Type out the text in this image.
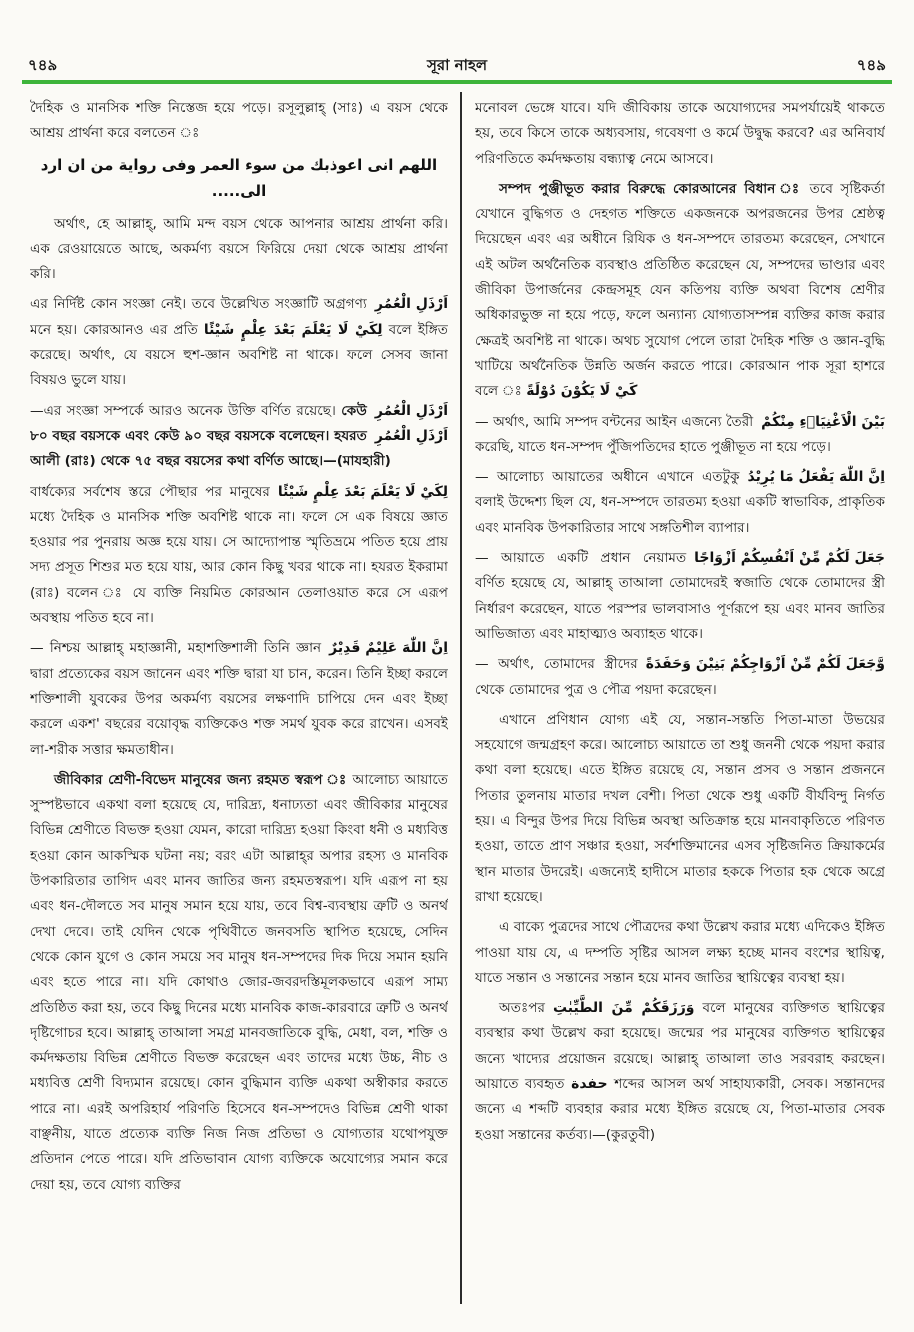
৭৪৯	সূরা নাহল	৭৪৯

দৈহিক ও মানসিক শক্তি নিস্তেজ হয়ে পড়ে। রসূলুল্লাহ্‌ (সাঃ) এ বয়স থেকে আশ্রয় প্রার্থনা করে বলতেন ঃ

اللهم انى اعوذبك من سوء العمر وفى رواية من ان ارد الى.....

অর্থাৎ, হে আল্লাহ্‌, আমি মন্দ বয়স থেকে আপনার আশ্রয় প্রার্থনা করি। এক রেওয়ায়েতে আছে, অকর্মণ্য বয়সে ফিরিয়ে দেয়া থেকে আশ্রয় প্রার্থনা করি।

اَرْذَلِ الْعُمُرِ
এর নির্দিষ্ট কোন সংজ্ঞা নেই। তবে উল্লেখিত সংজ্ঞাটি অগ্রগণ্য মনে হয়। কোরআনও এর প্রতি لِكَيْ لَا يَعْلَمَ بَعْدَ عِلْمٍ شَيْئًا বলে ইঙ্গিত করেছে। অর্থাৎ, যে বয়সে হুশ-জ্ঞান অবশিষ্ট না থাকে। ফলে সেসব জানা বিষয়ও ভুলে যায়।

اَرْذَلِ الْعُمُرِ
—এর সংজ্ঞা সম্পর্কে আরও অনেক উক্তি বর্ণিত রয়েছে।
اَرْذَلِ الْعُمُرِ
কেউ ৮০ বছর বয়সকে এবং কেউ ৯০ বছর বয়সকে বলেছেন। হযরত আলী (রাঃ) থেকে ৭৫ বছর বয়সের কথা বর্ণিত আছে।—(মাযহারী)

لِكَيْ لَا يَعْلَمَ بَعْدَ عِلْمٍ شَيْئًا
বার্ধক্যের সর্বশেষ স্তরে পৌছার পর মানুষের মধ্যে দৈহিক ও মানসিক শক্তি অবশিষ্ট থাকে না। ফলে সে এক বিষয়ে জ্ঞাত হওয়ার পর পুনরায় অজ্ঞ হয়ে যায়। সে আদ্যোপান্ত স্মৃতিভ্রমে পতিত হয়ে প্রায় সদ্য প্রসূত শিশুর মত হয়ে যায়, আর কোন কিছু খবর থাকে না। হযরত ইকরামা (রাঃ) বলেন ঃ যে ব্যক্তি নিয়মিত কোরআন তেলাওয়াত করে সে এরূপ অবস্থায় পতিত হবে না।

اِنَّ اللّٰهَ عَلِيْمٌ قَدِيْرٌ
— নিশ্চয় আল্লাহ্‌ মহাজ্ঞানী, মহাশক্তিশালী তিনি জ্ঞান দ্বারা প্রত্যেকের বয়স জানেন এবং শক্তি দ্বারা যা চান, করেন। তিনি ইচ্ছা করলে শক্তিশালী যুবকের উপর অকর্মণ্য বয়সের লক্ষণাদি চাপিয়ে দেন এবং ইচ্ছা করলে একশ' বছরের বয়োবৃদ্ধ ব্যক্তিকেও শক্ত সমর্থ যুবক করে রাখেন। এসবই লা-শরীক সত্তার ক্ষমতাধীন।

জীবিকার শ্রেণী-বিভেদ মানুষের জন্য রহমত স্বরূপ ঃ আলোচ্য আয়াতে সুস্পষ্টভাবে একথা বলা হয়েছে যে, দারিদ্র্য, ধনাঢ্যতা এবং জীবিকার মানুষের বিভিন্ন শ্রেণীতে বিভক্ত হওয়া যেমন, কারো দারিদ্র্য হওয়া কিংবা ধনী ও মধ্যবিত্ত হওয়া কোন আকস্মিক ঘটনা নয়; বরং এটা আল্লাহ্‌র অপার রহস্য ও মানবিক উপকারিতার তাগিদ এবং মানব জাতির জন্য রহমতস্বরূপ। যদি এরূপ না হয় এবং ধন-দৌলতে সব মানুষ সমান হয়ে যায়, তবে বিশ্ব-ব্যবস্থায় ত্রুটি ও অনর্থ দেখা দেবে। তাই যেদিন থেকে পৃথিবীতে জনবসতি স্থাপিত হয়েছে, সেদিন থেকে কোন যুগে ও কোন সময়ে সব মানুষ ধন-সম্পদের দিক দিয়ে সমান হয়নি এবং হতে পারে না। যদি কোথাও জোর-জবরদস্তিমূলকভাবে এরূপ সাম্য প্রতিষ্ঠিত করা হয়, তবে কিছু দিনের মধ্যে মানবিক কাজ-কারবারে ত্রুটি ও অনর্থ দৃষ্টিগোচর হবে। আল্লাহ্‌ তাআলা সমগ্র মানবজাতিকে বুদ্ধি, মেধা, বল, শক্তি ও কর্মদক্ষতায় বিভিন্ন শ্রেণীতে বিভক্ত করেছেন এবং তাদের মধ্যে উচ্চ, নীচ ও মধ্যবিত্ত শ্রেণী বিদ্যমান রয়েছে। কোন বুদ্ধিমান ব্যক্তি একথা অস্বীকার করতে পারে না। এরই অপরিহার্য পরিণতি হিসেবে ধন-সম্পদেও বিভিন্ন শ্রেণী থাকা বাঞ্ছনীয়, যাতে প্রত্যেক ব্যক্তি নিজ নিজ প্রতিভা ও যোগ্যতার যথোপযুক্ত প্রতিদান পেতে পারে। যদি প্রতিভাবান যোগ্য ব্যক্তিকে অযোগ্যের সমান করে দেয়া হয়, তবে যোগ্য ব্যক্তির

মনোবল ভেঙ্গে যাবে। যদি জীবিকায় তাকে অযোগ্যদের সমপর্যায়েই থাকতে হয়, তবে কিসে তাকে অধ্যবসায়, গবেষণা ও কর্মে উদ্বুদ্ধ করবে? এর অনিবার্য পরিণতিতে কর্মদক্ষতায় বন্ধ্যাত্ব নেমে আসবে।

সম্পদ পুঞ্জীভূত করার বিরুদ্ধে কোরআনের বিধান ঃ তবে সৃষ্টিকর্তা যেখানে বুদ্ধিগত ও দেহগত শক্তিতে একজনকে অপরজনের উপর শ্রেষ্ঠত্ব দিয়েছেন এবং এর অধীনে রিযিক ও ধন-সম্পদে তারতম্য করেছেন, সেখানে এই অটল অর্থনৈতিক ব্যবস্থাও প্রতিষ্ঠিত করেছেন যে, সম্পদের ভাণ্ডার এবং জীবিকা উপার্জনের কেন্দ্রসমূহ যেন কতিপয় ব্যক্তি অথবা বিশেষ শ্রেণীর অধিকারভুক্ত না হয়ে পড়ে, ফলে অন্যান্য যোগ্যতাসম্পন্ন ব্যক্তির কাজ করার ক্ষেত্রই অবশিষ্ট না থাকে। অথচ সুযোগ পেলে তারা দৈহিক শক্তি ও জ্ঞান-বুদ্ধি খাটিয়ে অর্থনৈতিক উন্নতি অর্জন করতে পারে। কোরআন পাক সূরা হাশরে বলে ঃ كَيْ لَا يَكُوْنَ دُوْلَةً

بَيْنَ الْاَغْنِيَاۤءِ مِنْكُمْ
— অর্থাৎ, আমি সম্পদ বন্টনের আইন এজন্যে তৈরী করেছি, যাতে ধন-সম্পদ পুঁজিপতিদের হাতে পুঞ্জীভূত না হয়ে পড়ে।

اِنَّ اللّٰهَ يَفْعَلُ مَا يُرِيْدُ
— আলোচ্য আয়াতের অধীনে এখানে এতটুকু বলাই উদ্দেশ্য ছিল যে, ধন-সম্পদে তারতম্য হওয়া একটি স্বাভাবিক, প্রাকৃতিক এবং মানবিক উপকারিতার সাথে সঙ্গতিশীল ব্যাপার।

جَعَلَ لَكُمْ مِّنْ اَنْفُسِكُمْ اَزْوَاجًا
— আয়াতে একটি প্রধান নেয়ামত বর্ণিত হয়েছে যে, আল্লাহ্‌ তাআলা তোমাদেরই স্বজাতি থেকে তোমাদের স্ত্রী নির্ধারণ করেছেন, যাতে পরস্পর ভালবাসাও পূর্ণরূপে হয় এবং মানব জাতির আভিজাত্য এবং মাহাত্ম্যও অব্যাহত থাকে।

وَّجَعَلَ لَكُمْ مِّنْ اَزْوَاجِكُمْ بَنِيْنَ وَحَفَدَةً
— অর্থাৎ, তোমাদের স্ত্রীদের থেকে তোমাদের পুত্র ও পৌত্র পয়দা করেছেন।

এখানে প্রণিধান যোগ্য এই যে, সন্তান-সন্ততি পিতা-মাতা উভয়ের সহযোগে জন্মগ্রহণ করে। আলোচ্য আয়াতে তা শুধু জননী থেকে পয়দা করার কথা বলা হয়েছে। এতে ইঙ্গিত রয়েছে যে, সন্তান প্রসব ও সন্তান প্রজননে পিতার তুলনায় মাতার দখল বেশী। পিতা থেকে শুধু একটি বীর্যবিন্দু নির্গত হয়। এ বিন্দুর উপর দিয়ে বিভিন্ন অবস্থা অতিক্রান্ত হয়ে মানবাকৃতিতে পরিণত হওয়া, তাতে প্রাণ সঞ্চার হওয়া, সর্বশক্তিমানের এসব সৃষ্টিজনিত ক্রিয়াকর্মের স্থান মাতার উদরেই। এজন্যেই হাদীসে মাতার হককে পিতার হক থেকে অগ্রে রাখা হয়েছে।

এ বাক্যে পুত্রদের সাথে পৌত্রদের কথা উল্লেখ করার মধ্যে এদিকেও ইঙ্গিত পাওয়া যায় যে, এ দম্পতি সৃষ্টির আসল লক্ষ্য হচ্ছে মানব বংশের স্থায়িত্ব, যাতে সন্তান ও সন্তানের সন্তান হয়ে মানব জাতির স্থায়িত্বের ব্যবস্থা হয়।

অতঃপর وَرَزَقَكُمْ مِّنَ الطَّيِّبٰتِ বলে মানুষের ব্যক্তিগত স্থায়িত্বের ব্যবস্থার কথা উল্লেখ করা হয়েছে। জন্মের পর মানুষের ব্যক্তিগত স্থায়িত্বের জন্যে খাদ্যের প্রয়োজন রয়েছে। আল্লাহ্‌ তাআলা তাও সরবরাহ করছেন। আয়াতে ব্যবহৃত حفدة শব্দের আসল অর্থ সাহায্যকারী, সেবক। সন্তানদের জন্যে এ শব্দটি ব্যবহার করার মধ্যে ইঙ্গিত রয়েছে যে, পিতা-মাতার সেবক হওয়া সন্তানের কর্তব্য।—(কুরতুবী)
